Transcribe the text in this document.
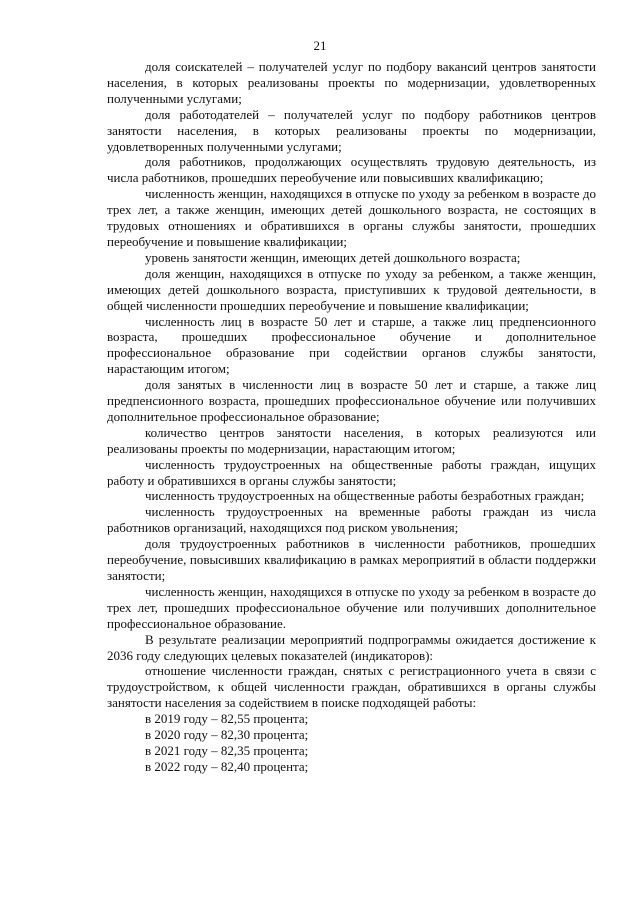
21

доля соискателей – получателей услуг по подбору вакансий центров занятости населения, в которых реализованы проекты по модернизации, удовлетворенных полученными услугами;

доля работодателей – получателей услуг по подбору работников центров занятости населения, в которых реализованы проекты по модернизации, удовлетворенных полученными услугами;

доля работников, продолжающих осуществлять трудовую деятельность, из числа работников, прошедших переобучение или повысивших квалификацию;

численность женщин, находящихся в отпуске по уходу за ребенком в возрасте до трех лет, а также женщин, имеющих детей дошкольного возраста, не состоящих в трудовых отношениях и обратившихся в органы службы занятости, прошедших переобучение и повышение квалификации;

уровень занятости женщин, имеющих детей дошкольного возраста;

доля женщин, находящихся в отпуске по уходу за ребенком, а также женщин, имеющих детей дошкольного возраста, приступивших к трудовой деятельности, в общей численности прошедших переобучение и повышение квалификации;

численность лиц в возрасте 50 лет и старше, а также лиц предпенсионного возраста, прошедших профессиональное обучение и дополнительное профессиональное образование при содействии органов службы занятости, нарастающим итогом;

доля занятых в численности лиц в возрасте 50 лет и старше, а также лиц предпенсионного возраста, прошедших профессиональное обучение или получивших дополнительное профессиональное образование;

количество центров занятости населения, в которых реализуются или реализованы проекты по модернизации, нарастающим итогом;

численность трудоустроенных на общественные работы граждан, ищущих работу и обратившихся в органы службы занятости;

численность трудоустроенных на общественные работы безработных граждан;

численность трудоустроенных на временные работы граждан из числа работников организаций, находящихся под риском увольнения;

доля трудоустроенных работников в численности работников, прошедших переобучение, повысивших квалификацию в рамках мероприятий в области поддержки занятости;

численность женщин, находящихся в отпуске по уходу за ребенком в возрасте до трех лет, прошедших профессиональное обучение или получивших дополнительное профессиональное образование.

В результате реализации мероприятий подпрограммы ожидается достижение к 2036 году следующих целевых показателей (индикаторов):

отношение численности граждан, снятых с регистрационного учета в связи с трудоустройством, к общей численности граждан, обратившихся в органы службы занятости населения за содействием в поиске подходящей работы:

в 2019 году – 82,55 процента;

в 2020 году – 82,30 процента;

в 2021 году – 82,35 процента;

в 2022 году – 82,40 процента;
